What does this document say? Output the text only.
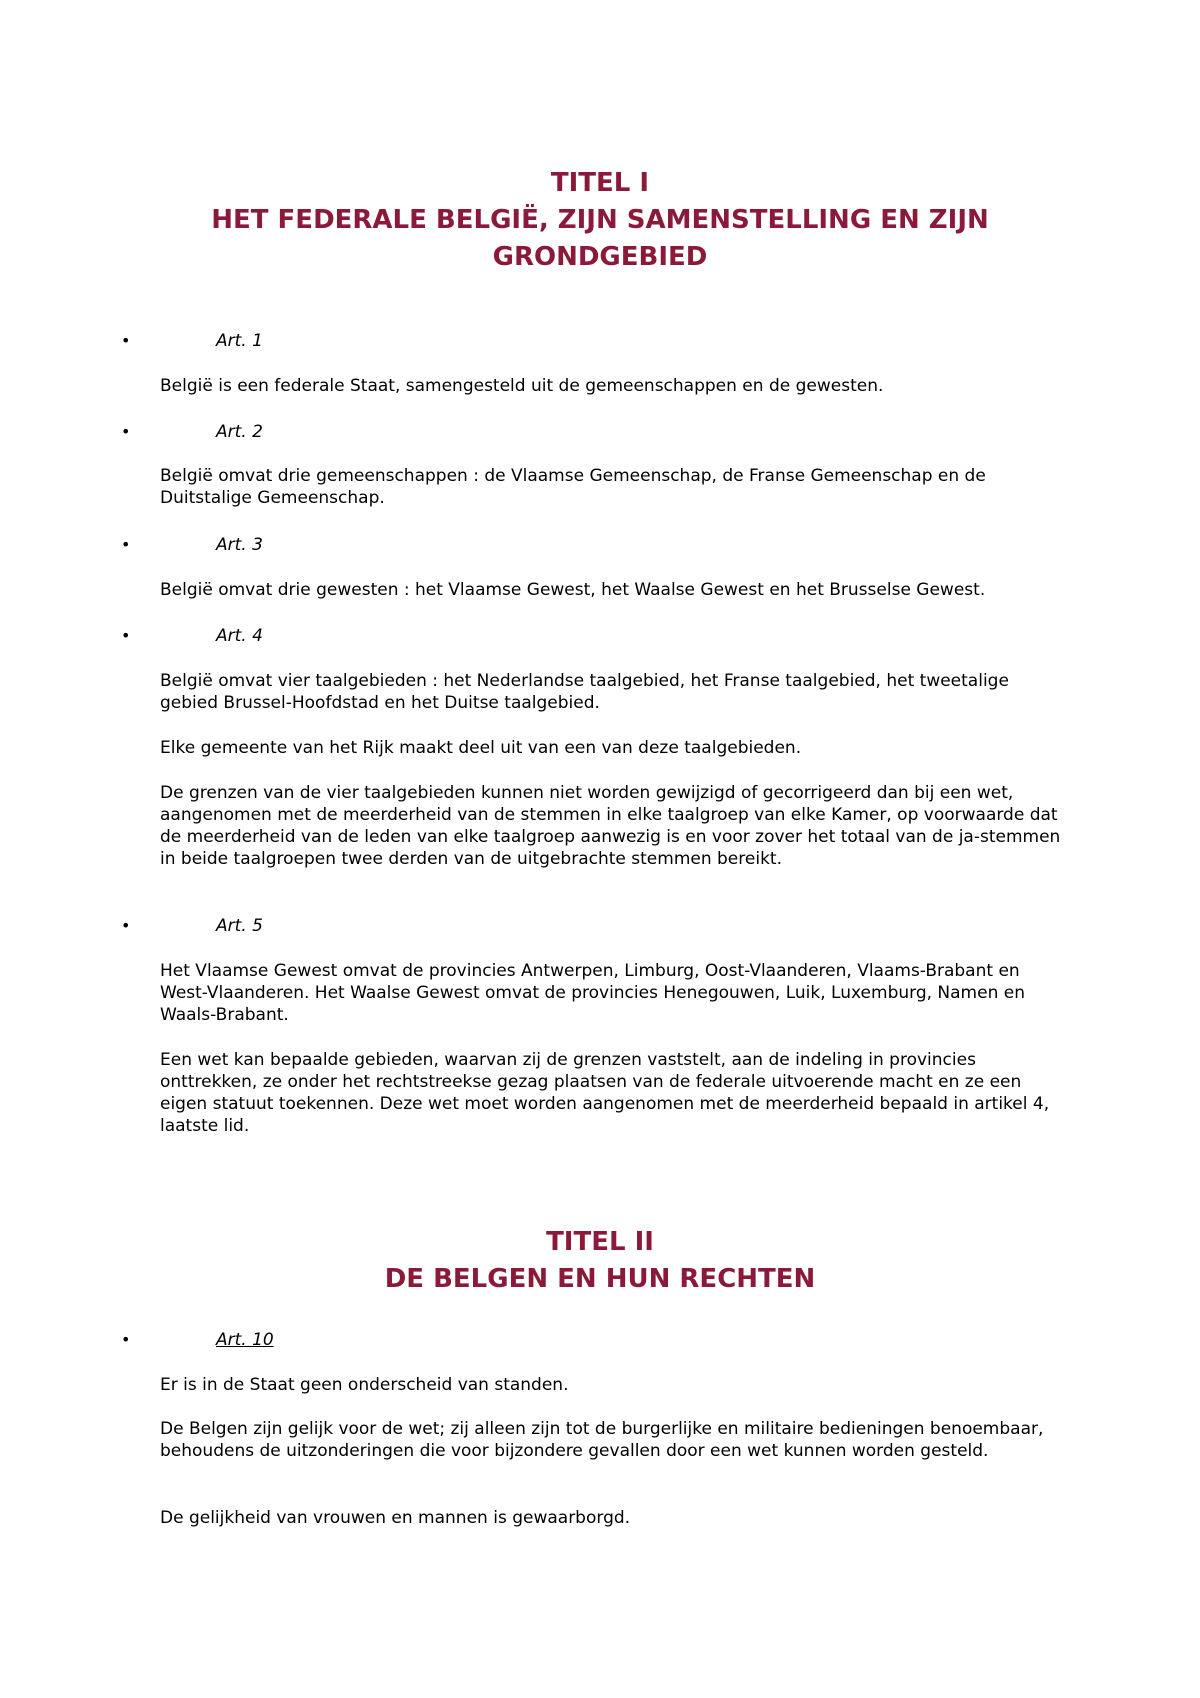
TITEL I
HET FEDERALE BELGIË, ZIJN SAMENSTELLING EN ZIJN
GRONDGEBIED
•	Art. 1

België is een federale Staat, samengesteld uit de gemeenschappen en de gewesten.

•	Art. 2

België omvat drie gemeenschappen : de Vlaamse Gemeenschap, de Franse Gemeenschap en de Duitstalige Gemeenschap.

•	Art. 3

België omvat drie gewesten : het Vlaamse Gewest, het Waalse Gewest en het Brusselse Gewest.

•	Art. 4

België omvat vier taalgebieden : het Nederlandse taalgebied, het Franse taalgebied, het tweetalige gebied Brussel-Hoofdstad en het Duitse taalgebied.

Elke gemeente van het Rijk maakt deel uit van een van deze taalgebieden.

De grenzen van de vier taalgebieden kunnen niet worden gewijzigd of gecorrigeerd dan bij een wet, aangenomen met de meerderheid van de stemmen in elke taalgroep van elke Kamer, op voorwaarde dat de meerderheid van de leden van elke taalgroep aanwezig is en voor zover het totaal van de ja-stemmen in beide taalgroepen twee derden van de uitgebrachte stemmen bereikt.

•	Art. 5

Het Vlaamse Gewest omvat de provincies Antwerpen, Limburg, Oost-Vlaanderen, Vlaams-Brabant en West-Vlaanderen. Het Waalse Gewest omvat de provincies Henegouwen, Luik, Luxemburg, Namen en Waals-Brabant.

Een wet kan bepaalde gebieden, waarvan zij de grenzen vaststelt, aan de indeling in provincies onttrekken, ze onder het rechtstreekse gezag plaatsen van de federale uitvoerende macht en ze een eigen statuut toekennen. Deze wet moet worden aangenomen met de meerderheid bepaald in artikel 4, laatste lid.

TITEL II
DE BELGEN EN HUN RECHTEN
•	Art. 10

Er is in de Staat geen onderscheid van standen.

De Belgen zijn gelijk voor de wet; zij alleen zijn tot de burgerlijke en militaire bedieningen benoembaar, behoudens de uitzonderingen die voor bijzondere gevallen door een wet kunnen worden gesteld.

De gelijkheid van vrouwen en mannen is gewaarborgd.
